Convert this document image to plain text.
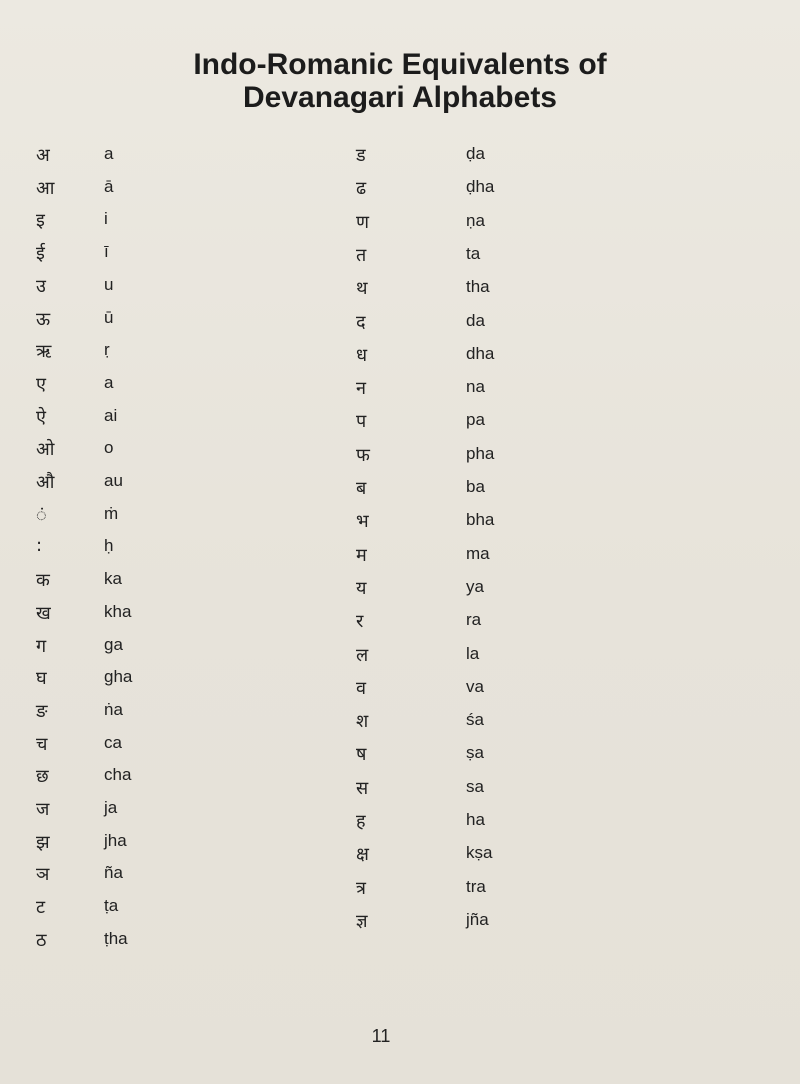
Indo-Romanic Equivalents of
Devanagari Alphabets
अ	a
आ	ā
इ	i
ई	ī
उ	u
ऊ	ū
ऋ	ṛ
ए	a
ऐ	ai
ओ	o
औ	au
ं	ṁ
:	ḥ
क	ka
ख	kha
ग	ga
घ	gha
ङ	ṅa
च	ca
छ	cha
ज	ja
झ	jha
ञ	ña
ट	ṭa
ठ	ṭha
ड	ḍa
ढ	ḍha
ण	ṇa
त	ta
थ	tha
द	da
ध	dha
न	na
प	pa
फ	pha
ब	ba
भ	bha
म	ma
य	ya
र	ra
ल	la
व	va
श	śa
ष	ṣa
स	sa
ह	ha
क्ष	kṣa
त्र	tra
ज्ञ	jña
11
